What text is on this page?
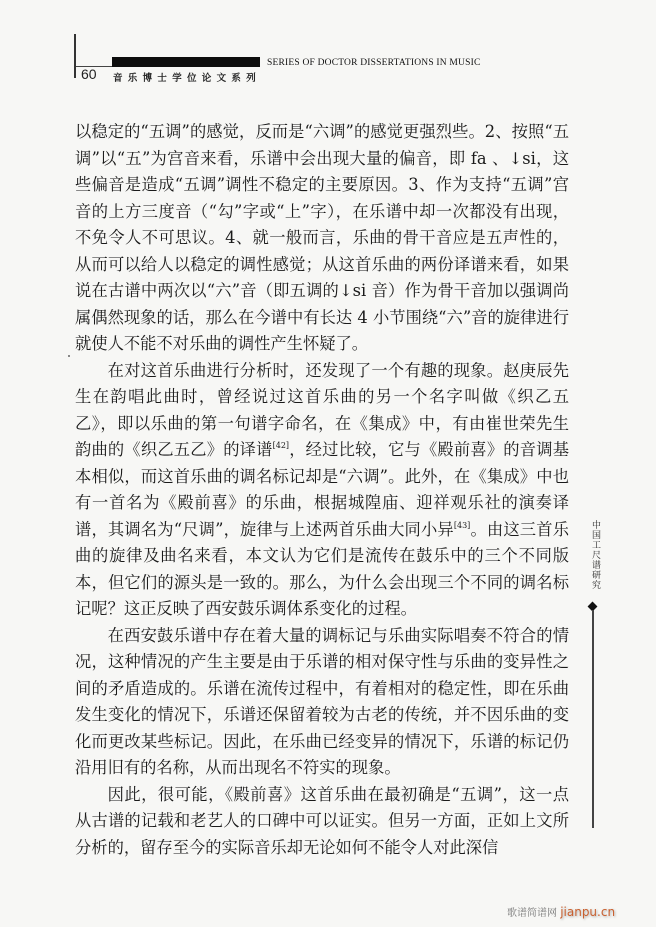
SERIES OF DOCTOR DISSERTATIONS IN MUSIC
60 音乐博士学位论文系列

以稳定的“五调”的感觉，反而是“六调”的感觉更强烈些。2、按照“五调”以“五”为宫音来看，乐谱中会出现大量的偏音，即 fa 、↓si，这些偏音是造成“五调”调性不稳定的主要原因。3、作为支持“五调”宫音的上方三度音（“勾”字或“上”字），在乐谱中却一次都没有出现，不免令人不可思议。4、就一般而言，乐曲的骨干音应是五声性的，从而可以给人以稳定的调性感觉；从这首乐曲的两份译谱来看，如果说在古谱中两次以“六”音（即五调的↓si 音）作为骨干音加以强调尚属偶然现象的话，那么在今谱中有长达 4 小节围绕“六”音的旋律进行就使人不能不对乐曲的调性产生怀疑了。

在对这首乐曲进行分析时，还发现了一个有趣的现象。赵庚辰先生在韵唱此曲时，曾经说过这首乐曲的另一个名字叫做《织乙五乙》，即以乐曲的第一句谱字命名，在《集成》中，有由崔世荣先生韵曲的《织乙五乙》的译谱[42]，经过比较，它与《殿前喜》的音调基本相似，而这首乐曲的调名标记却是“六调”。此外，在《集成》中也有一首名为《殿前喜》的乐曲，根据城隍庙、迎祥观乐社的演奏译谱，其调名为“尺调”，旋律与上述两首乐曲大同小异[43]。由这三首乐曲的旋律及曲名来看，本文认为它们是流传在鼓乐中的三个不同版本，但它们的源头是一致的。那么，为什么会出现三个不同的调名标记呢？这正反映了西安鼓乐调体系变化的过程。

在西安鼓乐谱中存在着大量的调标记与乐曲实际唱奏不符合的情况，这种情况的产生主要是由于乐谱的相对保守性与乐曲的变异性之间的矛盾造成的。乐谱在流传过程中，有着相对的稳定性，即在乐曲发生变化的情况下，乐谱还保留着较为古老的传统，并不因乐曲的变化而更改某些标记。因此，在乐曲已经变异的情况下，乐谱的标记仍沿用旧有的名称，从而出现名不符实的现象。

因此，很可能，《殿前喜》这首乐曲在最初确是“五调”，这一点从古谱的记载和老艺人的口碑中可以证实。但另一方面，正如上文所分析的，留存至今的实际音乐却无论如何不能令人对此深信

中国工尺谱研究
歌谱简谱网 jianpu.cn
